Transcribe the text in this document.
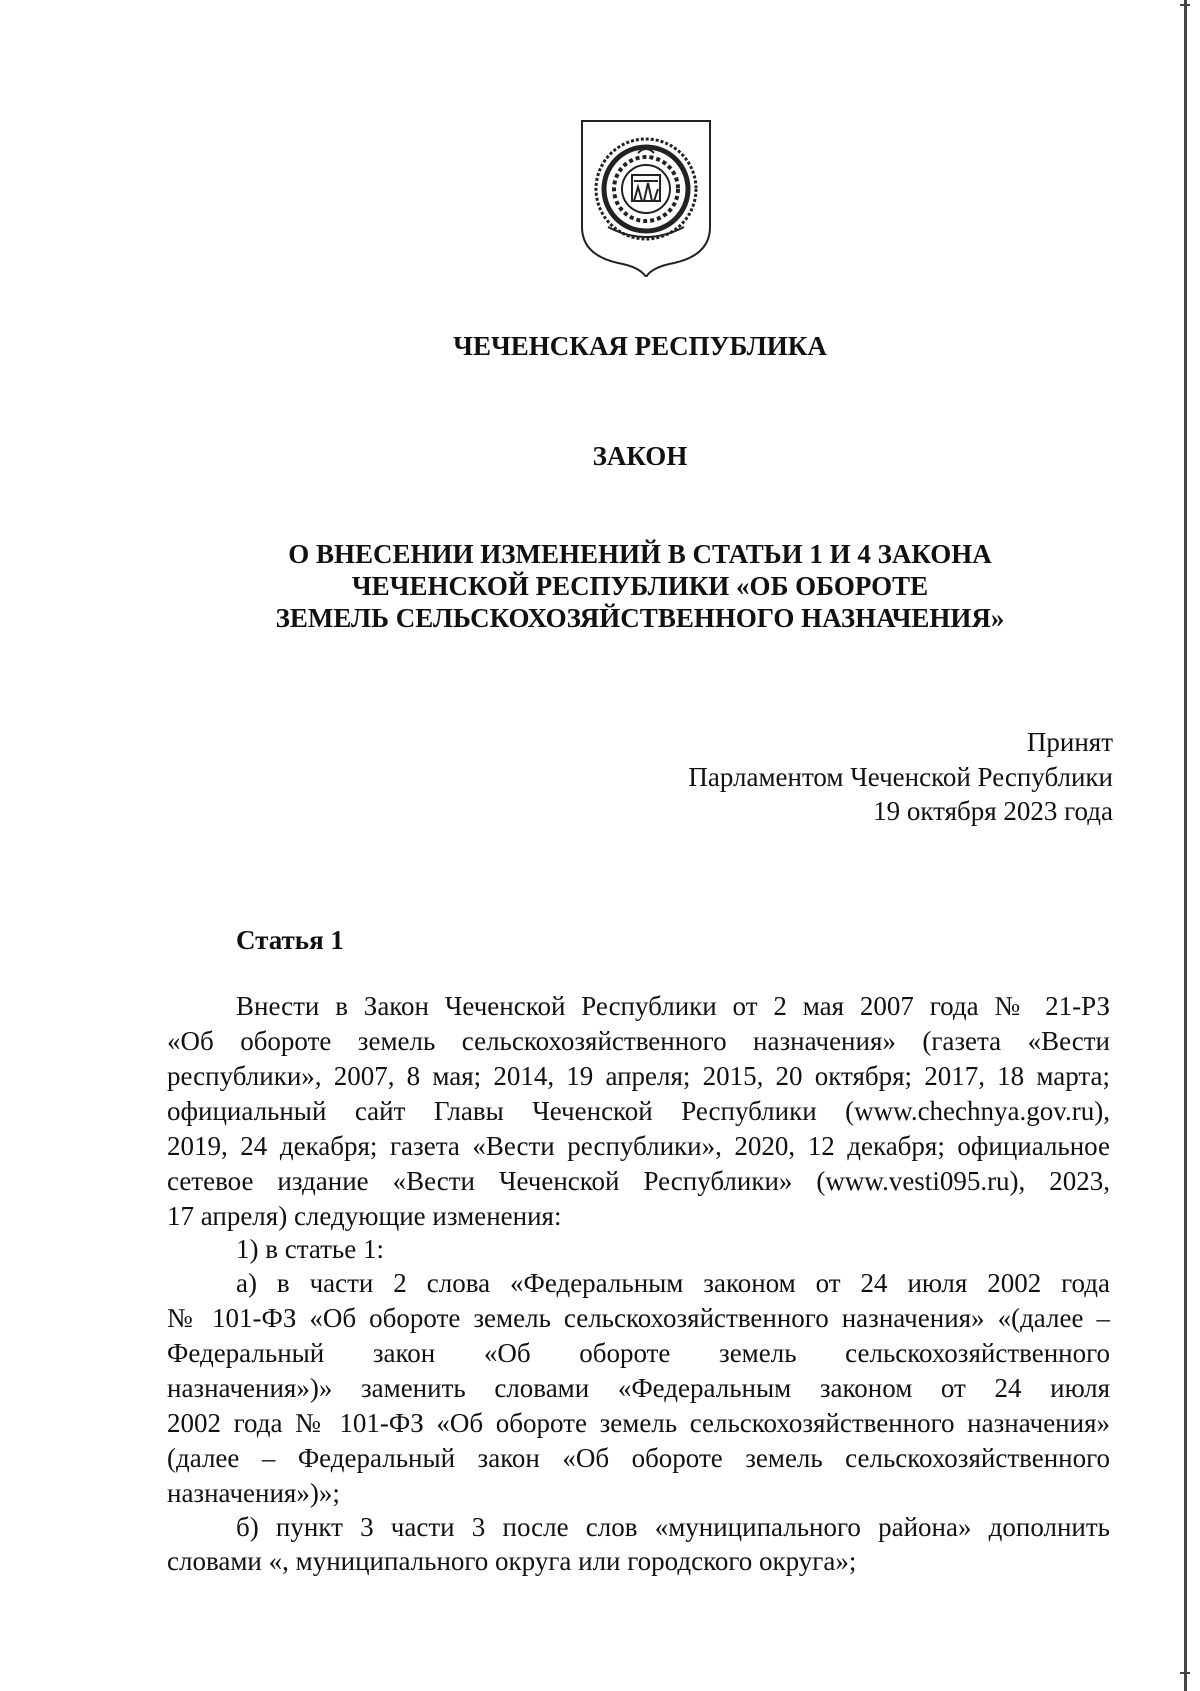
ЧЕЧЕНСКАЯ РЕСПУБЛИКА
ЗАКОН
О ВНЕСЕНИИ ИЗМЕНЕНИЙ В СТАТЬИ 1 И 4 ЗАКОНА
ЧЕЧЕНСКОЙ РЕСПУБЛИКИ «ОБ ОБОРОТЕ
ЗЕМЕЛЬ СЕЛЬСКОХОЗЯЙСТВЕННОГО НАЗНАЧЕНИЯ»
Принят
Парламентом Чеченской Республики
19 октября 2023 года
Статья 1
Внести в Закон Чеченской Республики от 2 мая 2007 года № 21-РЗ
«Об обороте земель сельскохозяйственного назначения» (газета «Вести
республики», 2007, 8 мая; 2014, 19 апреля; 2015, 20 октября; 2017, 18 марта;
официальный сайт Главы Чеченской Республики (www.chechnya.gov.ru),
2019, 24 декабря; газета «Вести республики», 2020, 12 декабря; официальное
сетевое издание «Вести Чеченской Республики» (www.vesti095.ru), 2023,
17 апреля) следующие изменения:
1) в статье 1:
а) в части 2 слова «Федеральным законом от 24 июля 2002 года
№ 101-ФЗ «Об обороте земель сельскохозяйственного назначения» «(далее –
Федеральный закон «Об обороте земель сельскохозяйственного
назначения»)» заменить словами «Федеральным законом от 24 июля
2002 года № 101-ФЗ «Об обороте земель сельскохозяйственного назначения»
(далее – Федеральный закон «Об обороте земель сельскохозяйственного
назначения»)»;
б) пункт 3 части 3 после слов «муниципального района» дополнить
словами «, муниципального округа или городского округа»;
